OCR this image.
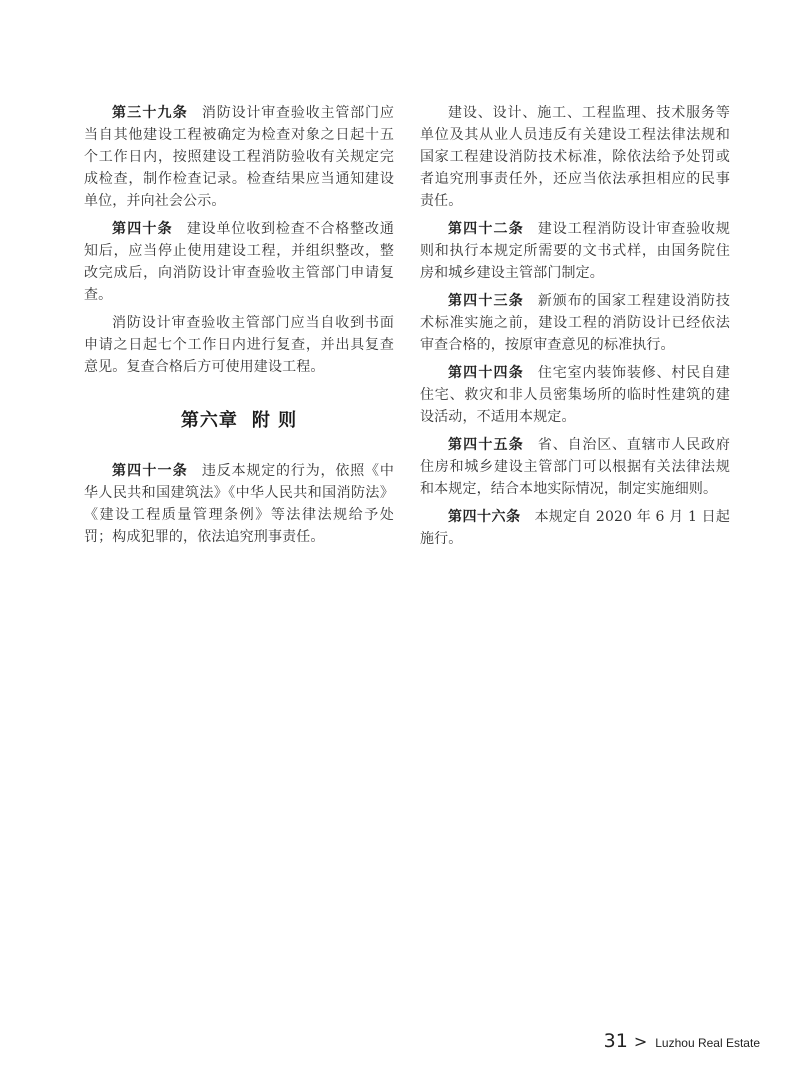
第三十九条 消防设计审查验收主管部门应当自其他建设工程被确定为检查对象之日起十五个工作日内，按照建设工程消防验收有关规定完成检查，制作检查记录。检查结果应当通知建设单位，并向社会公示。

第四十条 建设单位收到检查不合格整改通知后，应当停止使用建设工程，并组织整改，整改完成后，向消防设计审查验收主管部门申请复查。

消防设计审查验收主管部门应当自收到书面申请之日起七个工作日内进行复查，并出具复查意见。复查合格后方可使用建设工程。

第六章 附 则

第四十一条 违反本规定的行为，依照《中华人民共和国建筑法》《中华人民共和国消防法》《建设工程质量管理条例》等法律法规给予处罚；构成犯罪的，依法追究刑事责任。

建设、设计、施工、工程监理、技术服务等单位及其从业人员违反有关建设工程法律法规和国家工程建设消防技术标准，除依法给予处罚或者追究刑事责任外，还应当依法承担相应的民事责任。

第四十二条 建设工程消防设计审查验收规则和执行本规定所需要的文书式样，由国务院住房和城乡建设主管部门制定。

第四十三条 新颁布的国家工程建设消防技术标准实施之前，建设工程的消防设计已经依法审查合格的，按原审查意见的标准执行。

第四十四条 住宅室内装饰装修、村民自建住宅、救灾和非人员密集场所的临时性建筑的建设活动，不适用本规定。

第四十五条 省、自治区、直辖市人民政府住房和城乡建设主管部门可以根据有关法律法规和本规定，结合本地实际情况，制定实施细则。

第四十六条 本规定自 2020 年 6 月 1 日起施行。

31 > Luzhou Real Estate
